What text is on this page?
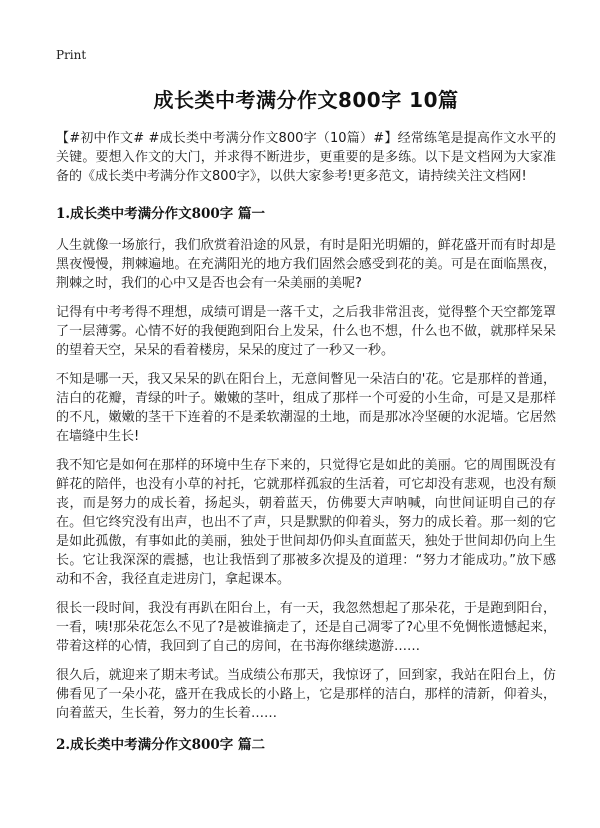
Print
成长类中考满分作文800字 10篇

【#初中作文# #成长类中考满分作文800字（10篇）#】经常练笔是提高作文水平的关键。要想入作文的大门，并求得不断进步，更重要的是多练。以下是文档网为大家准备的《成长类中考满分作文800字》，以供大家参考!更多范文，请持续关注文档网!

1.成长类中考满分作文800字 篇一

人生就像一场旅行，我们欣赏着沿途的风景，有时是阳光明媚的，鲜花盛开而有时却是黑夜慢慢，荆棘遍地。在充满阳光的地方我们固然会感受到花的美。可是在面临黑夜，荆棘之时，我们的心中又是否也会有一朵美丽的美呢?

记得有中考考得不理想，成绩可谓是一落千丈，之后我非常沮丧，觉得整个天空都笼罩了一层薄雾。心情不好的我便跑到阳台上发呆，什么也不想，什么也不做，就那样呆呆的望着天空，呆呆的看着楼房，呆呆的度过了一秒又一秒。

不知是哪一天，我又呆呆的趴在阳台上，无意间瞥见一朵洁白的'花。它是那样的普通，洁白的花瓣，青绿的叶子。嫩嫩的茎叶，组成了那样一个可爱的小生命，可是又是那样的不凡，嫩嫩的茎干下连着的不是柔软潮湿的土地，而是那冰冷坚硬的水泥墙。它居然在墙缝中生长!

我不知它是如何在那样的环境中生存下来的，只觉得它是如此的美丽。它的周围既没有鲜花的陪伴，也没有小草的衬托，它就那样孤寂的生活着，可它却没有悲观，也没有颓丧，而是努力的成长着，扬起头，朝着蓝天，仿佛要大声呐喊，向世间证明自己的存在。但它终究没有出声，也出不了声，只是默默的仰着头，努力的成长着。那一刻的它是如此孤傲，有事如此的美丽，独处于世间却仍仰头直面蓝天，独处于世间却仍向上生长。它让我深深的震撼，也让我悟到了那被多次提及的道理：“努力才能成功。”放下感动和不舍，我径直走进房门，拿起课本。

很长一段时间，我没有再趴在阳台上，有一天，我忽然想起了那朵花，于是跑到阳台，一看，咦!那朵花怎么不见了?是被谁摘走了，还是自己凋零了?心里不免惆怅遗憾起来，带着这样的心情，我回到了自己的房间，在书海你继续遨游……

很久后，就迎来了期末考试。当成绩公布那天，我惊讶了，回到家，我站在阳台上，仿佛看见了一朵小花，盛开在我成长的小路上，它是那样的洁白，那样的清新，仰着头，向着蓝天，生长着，努力的生长着……

2.成长类中考满分作文800字 篇二
